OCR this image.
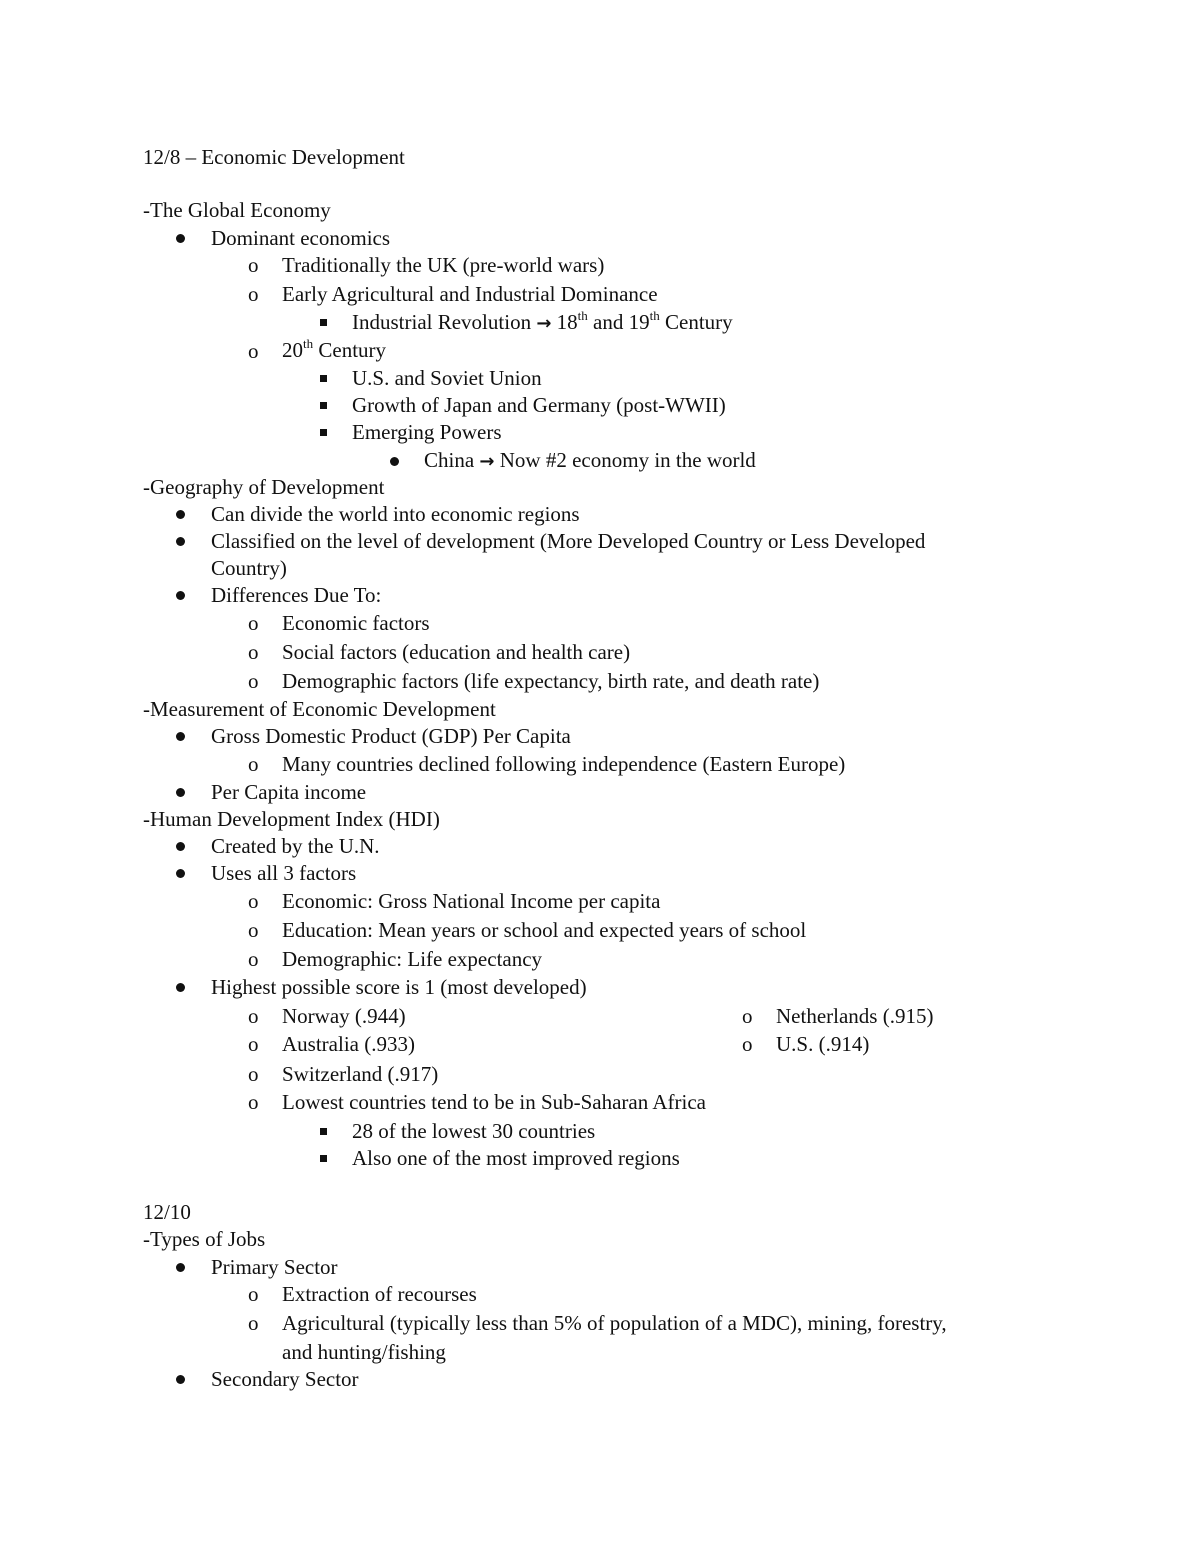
12/8 – Economic Development
-The Global Economy
Dominant economics
o Traditionally the UK (pre-world wars)
o Early Agricultural and Industrial Dominance
Industrial Revolution → 18th and 19th Century
o 20th Century
U.S. and Soviet Union
Growth of Japan and Germany (post-WWII)
Emerging Powers
China → Now #2 economy in the world
-Geography of Development
Can divide the world into economic regions
Classified on the level of development (More Developed Country or Less Developed
Country)
Differences Due To:
o Economic factors
o Social factors (education and health care)
o Demographic factors (life expectancy, birth rate, and death rate)
-Measurement of Economic Development
Gross Domestic Product (GDP) Per Capita
o Many countries declined following independence (Eastern Europe)
Per Capita income
-Human Development Index (HDI)
Created by the U.N.
Uses all 3 factors
o Economic: Gross National Income per capita
o Education: Mean years or school and expected years of school
o Demographic: Life expectancy
Highest possible score is 1 (most developed)
o Norway (.944)	o Netherlands (.915)
o Australia (.933)	o U.S. (.914)
o Switzerland (.917)
o Lowest countries tend to be in Sub-Saharan Africa
28 of the lowest 30 countries
Also one of the most improved regions
12/10
-Types of Jobs
Primary Sector
o Extraction of recourses
o Agricultural (typically less than 5% of population of a MDC), mining, forestry,
and hunting/fishing
Secondary Sector
